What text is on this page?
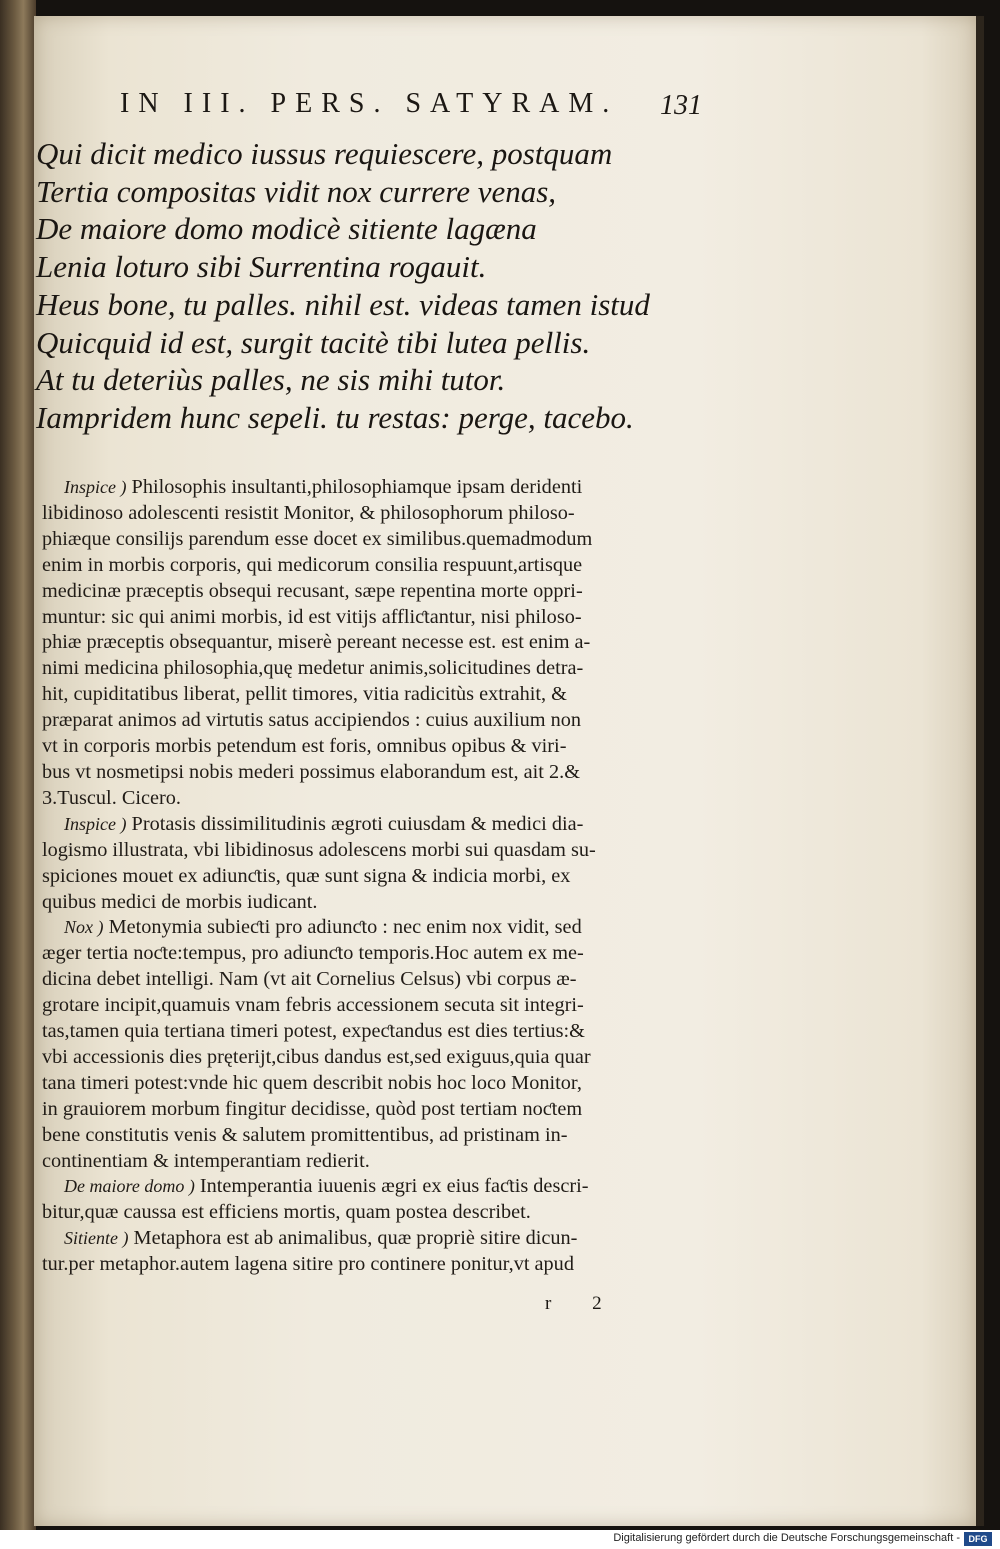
IN III. PERS. SATYRAM.	131
Qui dicit medico iussus requiescere, postquam
Tertia compositas vidit nox currere venas,
De maiore domo modicè sitiente lagæna
Lenia loturo sibi Surrentina rogauit.
Heus bone, tu palles. nihil est. videas tamen istud
Quicquid id est, surgit tacitè tibi lutea pellis.
At tu deteriùs palles, ne sis mihi tutor.
Iampridem hunc sepeli. tu restas: perge, tacebo.
Inspice ) Philosophis insultanti,philosophiamque ipsam deridenti
libidinoso adolescenti resistit Monitor, & philosophorum philoso-
phiæque consilijs parendum esse docet ex similibus.quemadmodum
enim in morbis corporis, qui medicorum consilia respuunt,artisque
medicinæ præceptis obsequi recusant, sæpe repentina morte oppri-
muntur: sic qui animi morbis, id est vitijs affliƈtantur, nisi philoso-
phiæ præceptis obsequantur, miserè pereant necesse est. est enim a-
nimi medicina philosophia,quę medetur animis,solicitudines detra-
hit, cupiditatibus liberat, pellit timores, vitia radicitùs extrahit, &
præparat animos ad virtutis satus accipiendos : cuius auxilium non
vt in corporis morbis petendum est foris, omnibus opibus & viri-
bus vt nosmetipsi nobis mederi possimus elaborandum est, ait 2.&
3.Tuscul. Cicero.
Inspice ) Protasis dissimilitudinis ægroti cuiusdam & medici dia-
logismo illustrata, vbi libidinosus adolescens morbi sui quasdam su-
spiciones mouet ex adiunƈtis, quæ sunt signa & indicia morbi, ex
quibus medici de morbis iudicant.
Nox ) Metonymia subieƈti pro adiunƈto : nec enim nox vidit, sed
æger tertia noƈte:tempus, pro adiunƈto temporis.Hoc autem ex me-
dicina debet intelligi. Nam (vt ait Cornelius Celsus) vbi corpus æ-
grotare incipit,quamuis vnam febris accessionem secuta sit integri-
tas,tamen quia tertiana timeri potest, expeƈtandus est dies tertius:&
vbi accessionis dies pręterijt,cibus dandus est,sed exiguus,quia quar
tana timeri potest:vnde hic quem describit nobis hoc loco Monitor,
in grauiorem morbum fingitur decidisse, quòd post tertiam noƈtem
bene constitutis venis & salutem promittentibus, ad pristinam in-
continentiam & intemperantiam redierit.
De maiore domo ) Intemperantia iuuenis ægri ex eius faƈtis descri-
bitur,quæ caussa est efficiens mortis, quam postea describet.
Sitiente ) Metaphora est ab animalibus, quæ propriè sitire dicun-
tur.per metaphor.autem lagena sitire pro continere ponitur,vt apud
r 2
Digitalisierung gefördert durch die Deutsche Forschungsgemeinschaft - DFG
